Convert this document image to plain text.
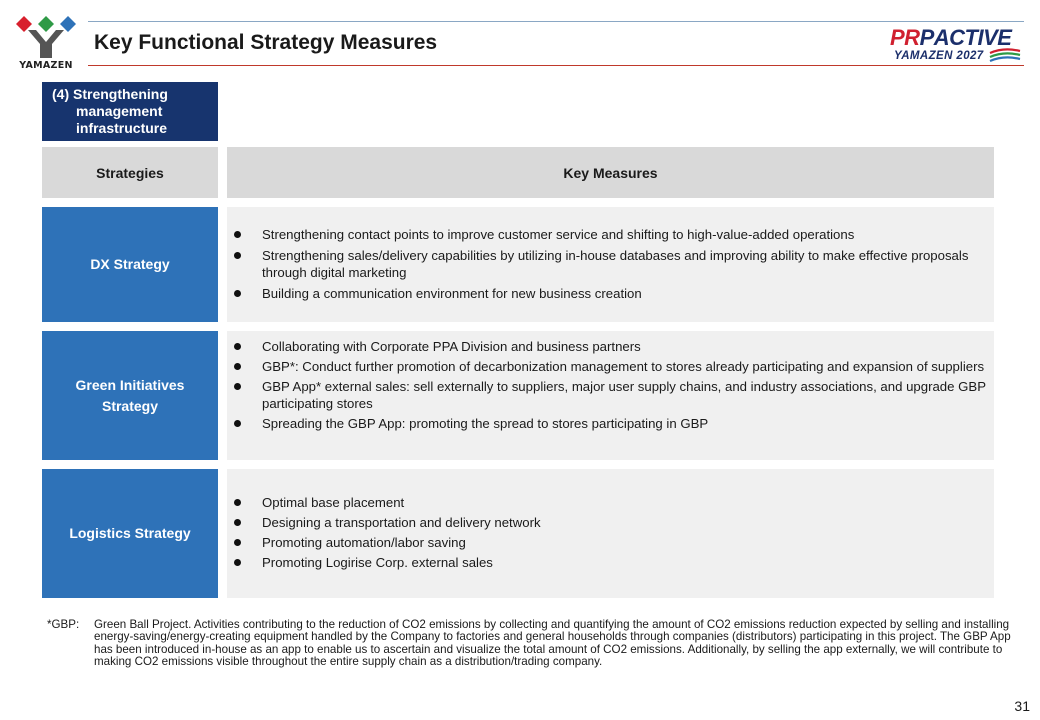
YAMAZEN
Key Functional Strategy Measures	PRРACTIVE
YAMAZEN 2027
(4) Strengthening
management
infrastructure
Strategies	Key Measures
DX Strategy
Strengthening contact points to improve customer service and shifting to high-value-added operations
Strengthening sales/delivery capabilities by utilizing in-house databases and improving ability to make effective proposals through digital marketing
Building a communication environment for new business creation
Green Initiatives Strategy
Collaborating with Corporate PPA Division and business partners
GBP*: Conduct further promotion of decarbonization management to stores already participating and expansion of suppliers
GBP App* external sales: sell externally to suppliers, major user supply chains, and industry associations, and upgrade GBP participating stores
Spreading the GBP App: promoting the spread to stores participating in GBP
Logistics Strategy
Optimal base placement
Designing a transportation and delivery network
Promoting automation/labor saving
Promoting Logirise Corp. external sales
*GBP: Green Ball Project. Activities contributing to the reduction of CO2 emissions by collecting and quantifying the amount of CO2 emissions reduction expected by selling and installing energy-saving/energy-creating equipment handled by the Company to factories and general households through companies (distributors) participating in this project. The GBP App has been introduced in-house as an app to enable us to ascertain and visualize the total amount of CO2 emissions. Additionally, by selling the app externally, we will contribute to making CO2 emissions visible throughout the entire supply chain as a distribution/trading company.
31
